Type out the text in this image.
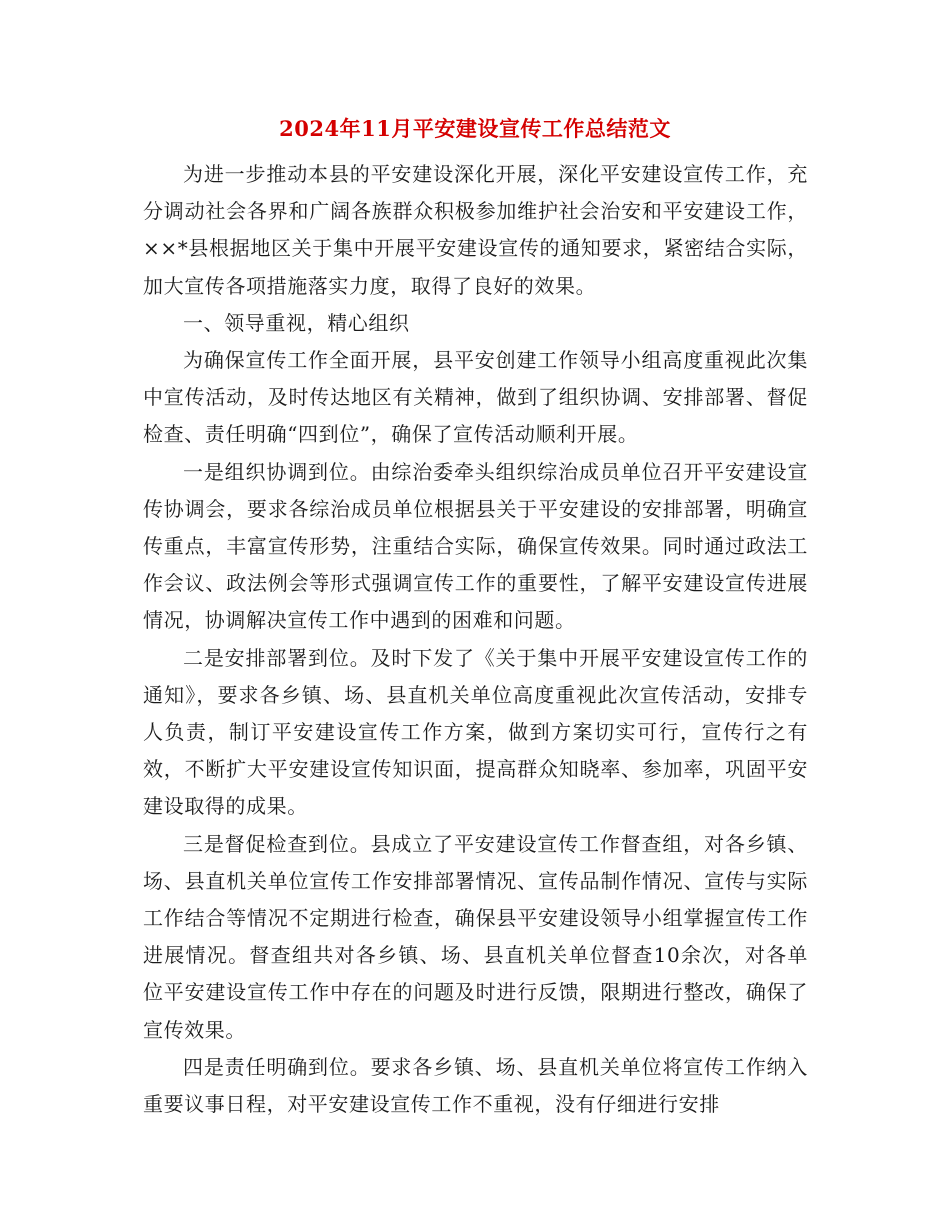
2024年11月平安建设宣传工作总结范文

为进一步推动本县的平安建设深化开展，深化平安建设宣传工作，充分调动社会各界和广阔各族群众积极参加维护社会治安和平安建设工作，××*县根据地区关于集中开展平安建设宣传的通知要求，紧密结合实际，加大宣传各项措施落实力度，取得了良好的效果。

一、领导重视，精心组织

为确保宣传工作全面开展，县平安创建工作领导小组高度重视此次集中宣传活动，及时传达地区有关精神，做到了组织协调、安排部署、督促检查、责任明确“四到位”，确保了宣传活动顺利开展。

一是组织协调到位。由综治委牵头组织综治成员单位召开平安建设宣传协调会，要求各综治成员单位根据县关于平安建设的安排部署，明确宣传重点，丰富宣传形势，注重结合实际，确保宣传效果。同时通过政法工作会议、政法例会等形式强调宣传工作的重要性，了解平安建设宣传进展情况，协调解决宣传工作中遇到的困难和问题。

二是安排部署到位。及时下发了《关于集中开展平安建设宣传工作的通知》，要求各乡镇、场、县直机关单位高度重视此次宣传活动，安排专人负责，制订平安建设宣传工作方案，做到方案切实可行，宣传行之有效，不断扩大平安建设宣传知识面，提高群众知晓率、参加率，巩固平安建设取得的成果。

三是督促检查到位。县成立了平安建设宣传工作督查组，对各乡镇、场、县直机关单位宣传工作安排部署情况、宣传品制作情况、宣传与实际工作结合等情况不定期进行检查，确保县平安建设领导小组掌握宣传工作进展情况。督查组共对各乡镇、场、县直机关单位督查10余次，对各单位平安建设宣传工作中存在的问题及时进行反馈，限期进行整改，确保了宣传效果。

四是责任明确到位。要求各乡镇、场、县直机关单位将宣传工作纳入重要议事日程，对平安建设宣传工作不重视，没有仔细进行安排
